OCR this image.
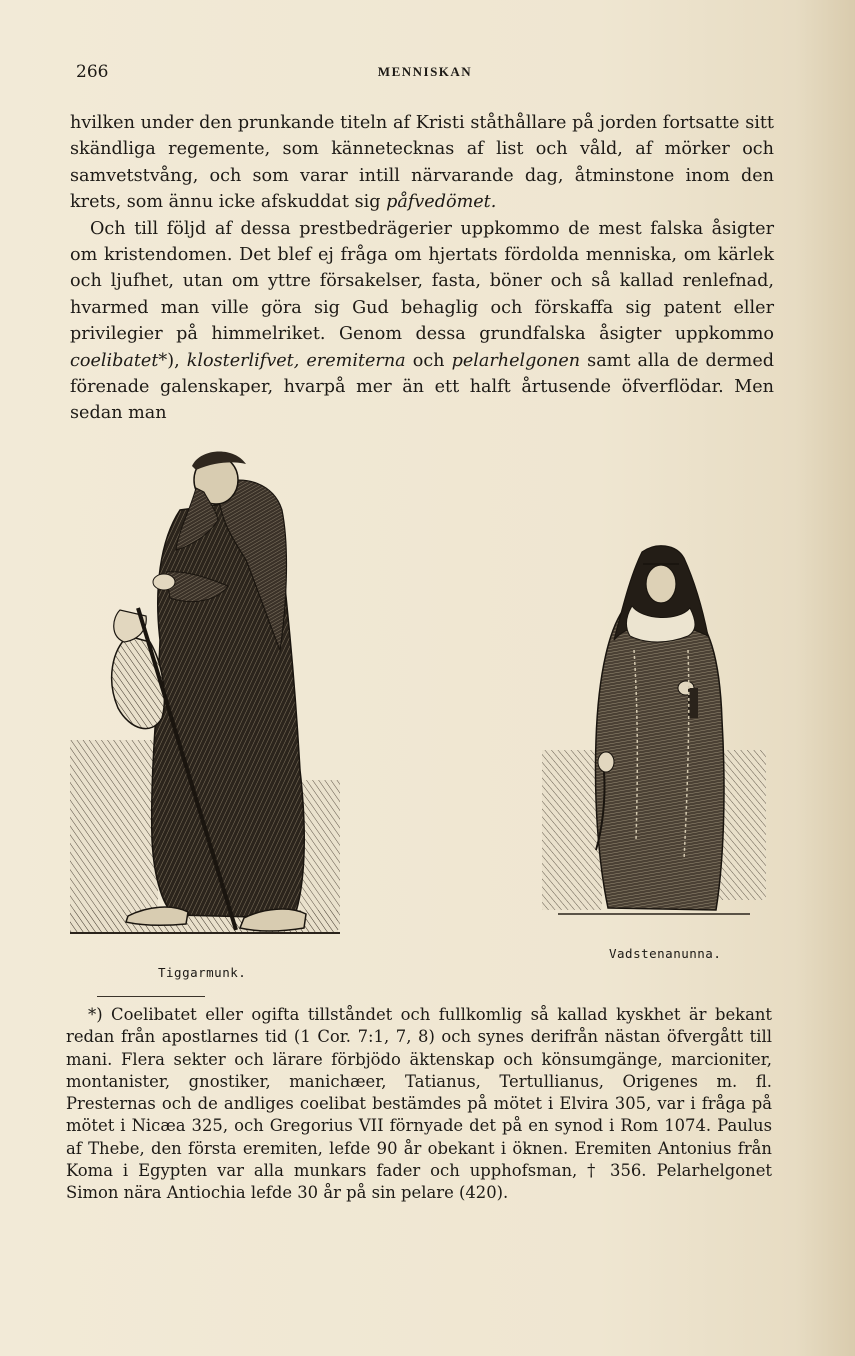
266	MENNISKAN

hvilken under den prunkande titeln af Kristi ståthållare på jorden fortsatte sitt skändliga regemente, som kännetecknas af list och våld, af mörker och samvetstvång, och som varar intill närvarande dag, åtminstone inom den krets, som ännu icke afskuddat sig påfvedömet.

Och till följd af dessa prestbedrägerier uppkommo de mest falska åsigter om kristendomen. Det blef ej fråga om hjertats fördolda menniska, om kärlek och ljufhet, utan om yttre försakelser, fasta, böner och så kallad renlefnad, hvarmed man ville göra sig Gud behaglig och förskaffa sig patent eller privilegier på himmelriket. Genom dessa grundfalska åsigter uppkommo coelibatet*), klosterlifvet, eremiterna och pelarhelgonen samt alla de dermed förenade galenskaper, hvarpå mer än ett halft årtusende öfverflödar. Men sedan man

Tiggarmunk.
Vadstenanunna.

*) Coelibatet eller ogifta tillståndet och fullkomlig så kallad kyskhet är bekant redan från apostlarnes tid (1 Cor. 7:1, 7, 8) och synes derifrån nästan öfvergått till mani. Flera sekter och lärare förbjödo äktenskap och könsumgänge, marcioniter, montanister, gnostiker, manichæer, Tatianus, Tertullianus, Origenes m. fl. Presternas och de andliges coelibat bestämdes på mötet i Elvira 305, var i fråga på mötet i Nicæa 325, och Gregorius VII förnyade det på en synod i Rom 1074. Paulus af Thebe, den första eremiten, lefde 90 år obekant i öknen. Eremiten Antonius från Koma i Egypten var alla munkars fader och upphofsman, † 356. Pelarhelgonet Simon nära Antiochia lefde 30 år på sin pelare (420).
